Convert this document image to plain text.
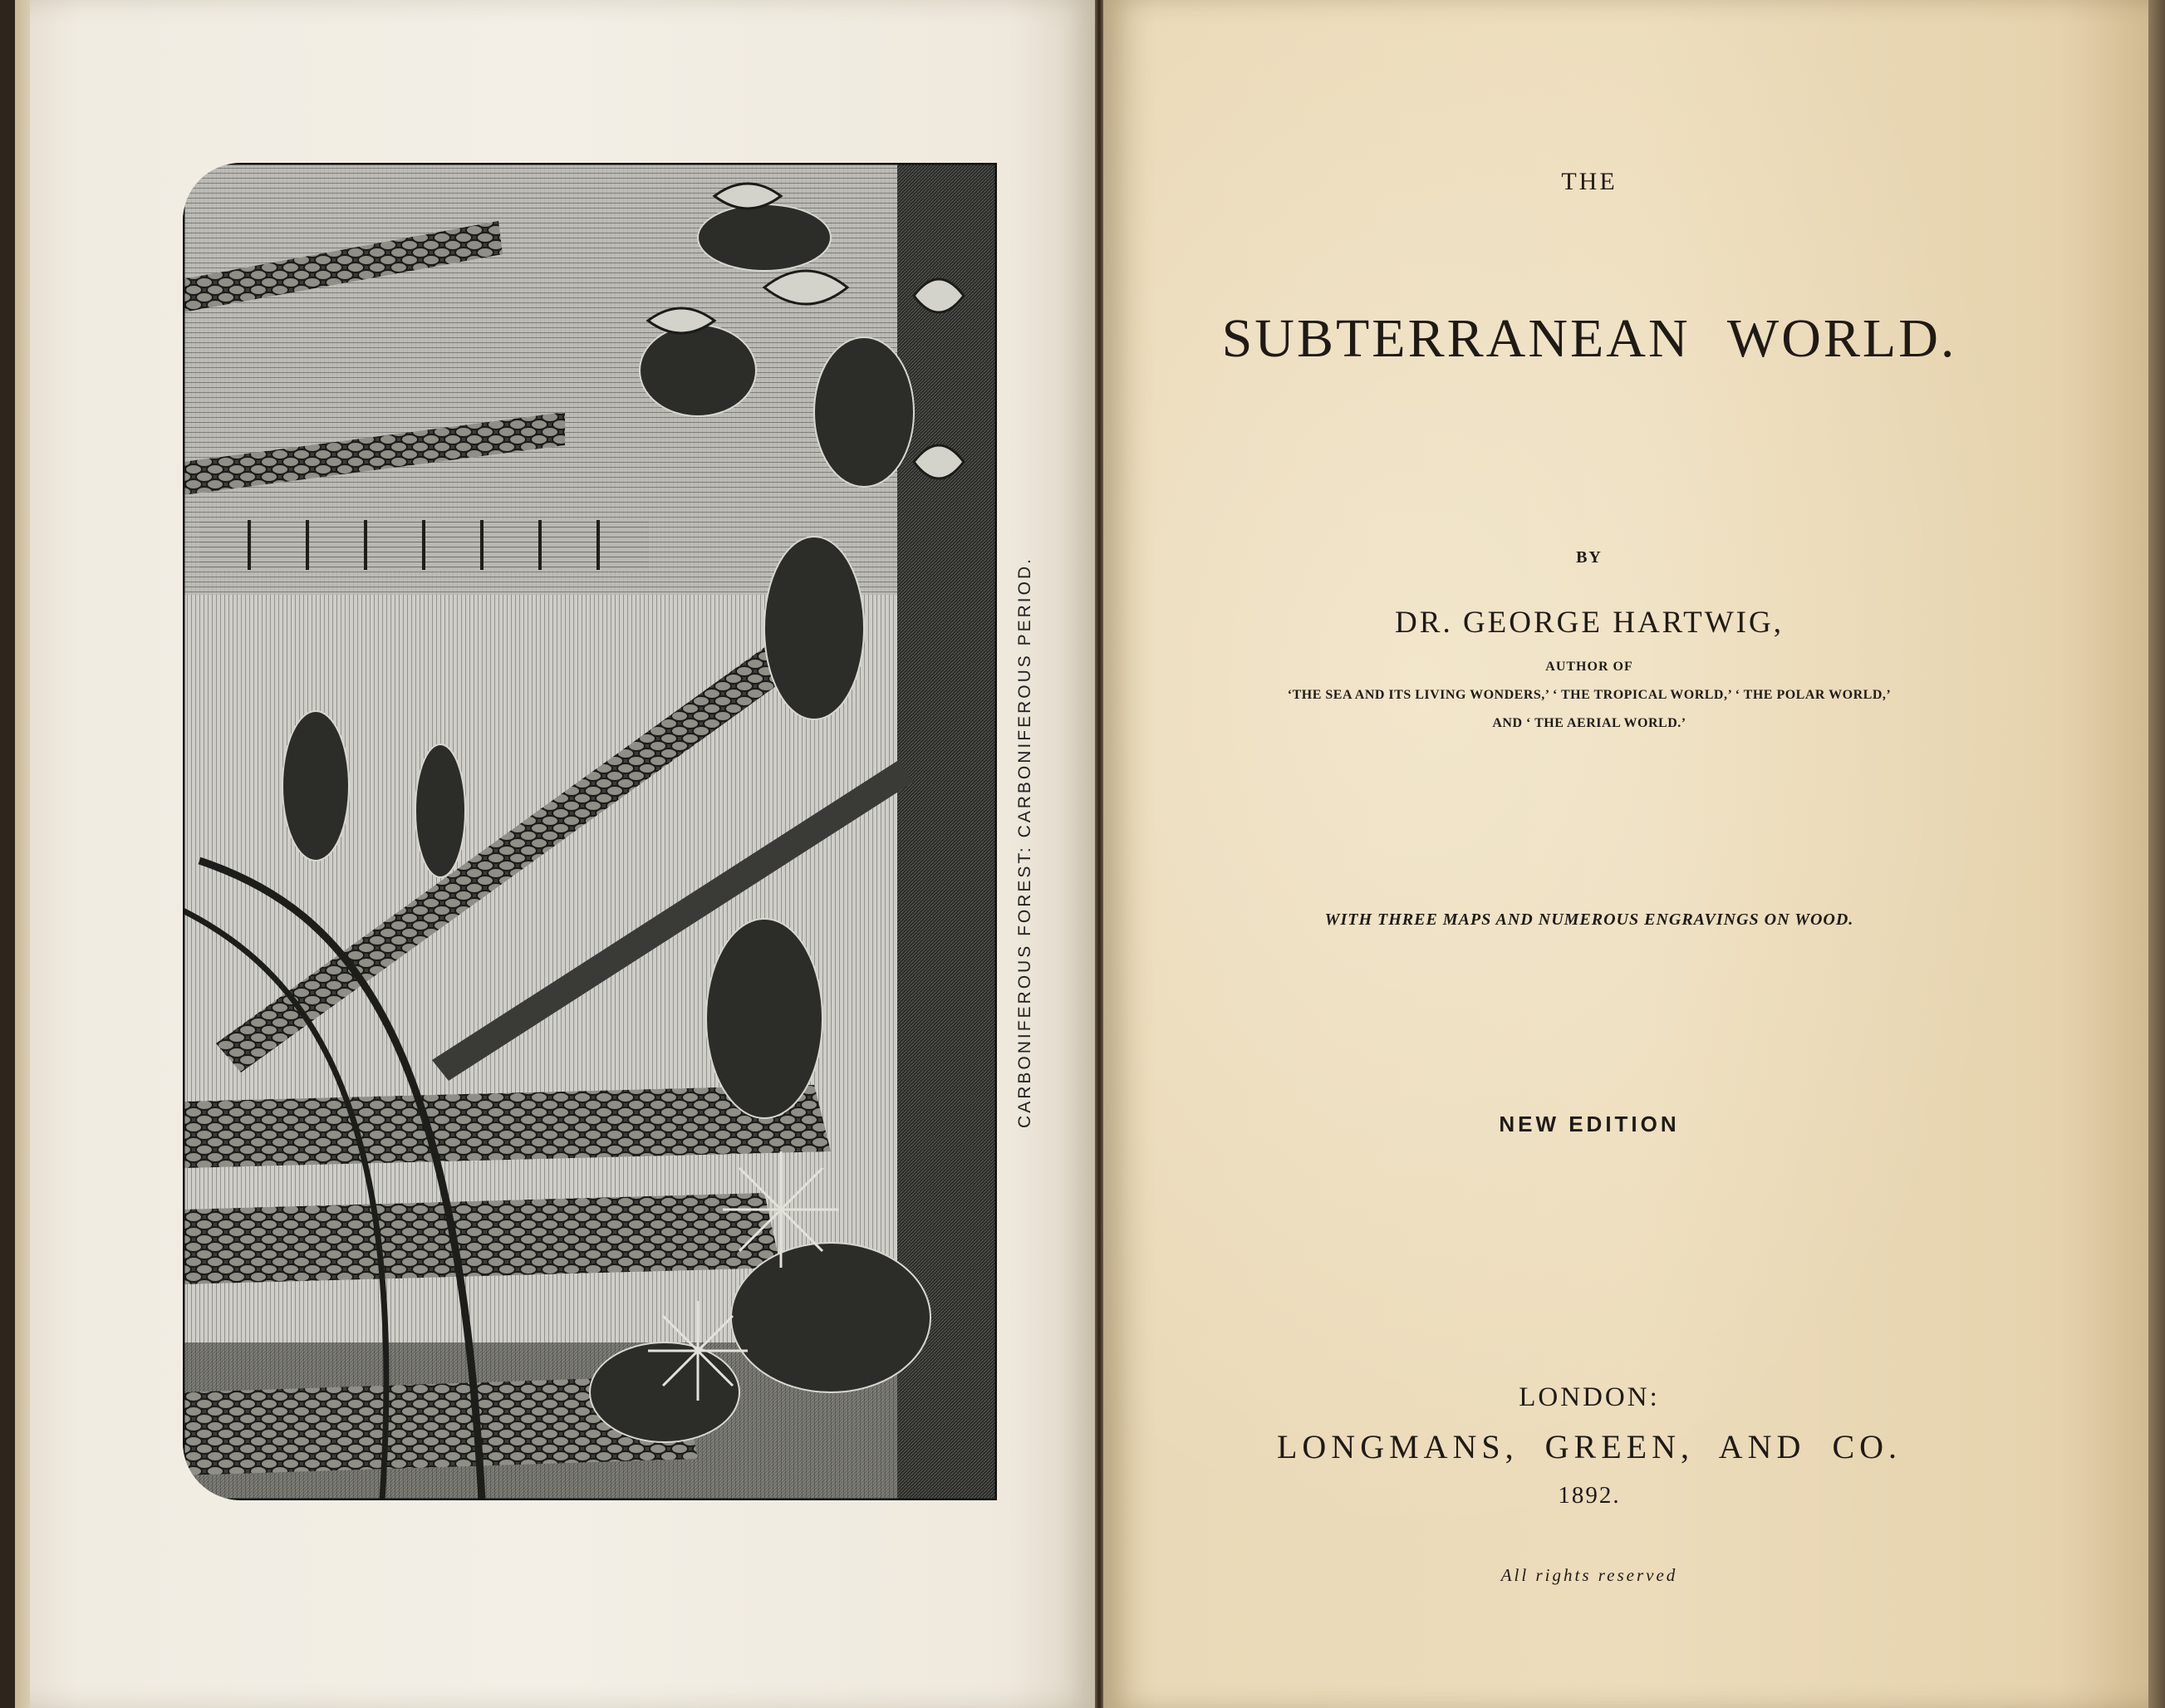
CARBONIFEROUS FOREST: CARBONIFEROUS PERIOD.
THE
SUBTERRANEAN WORLD.
BY
DR. GEORGE HARTWIG,
AUTHOR OF
‘THE SEA AND ITS LIVING WONDERS,’ ‘ THE TROPICAL WORLD,’ ‘ THE POLAR WORLD,’
AND ‘ THE AERIAL WORLD.’
WITH THREE MAPS AND NUMEROUS ENGRAVINGS ON WOOD.
NEW EDITION
LONDON:
LONGMANS, GREEN, AND CO.
1892.
All rights reserved
